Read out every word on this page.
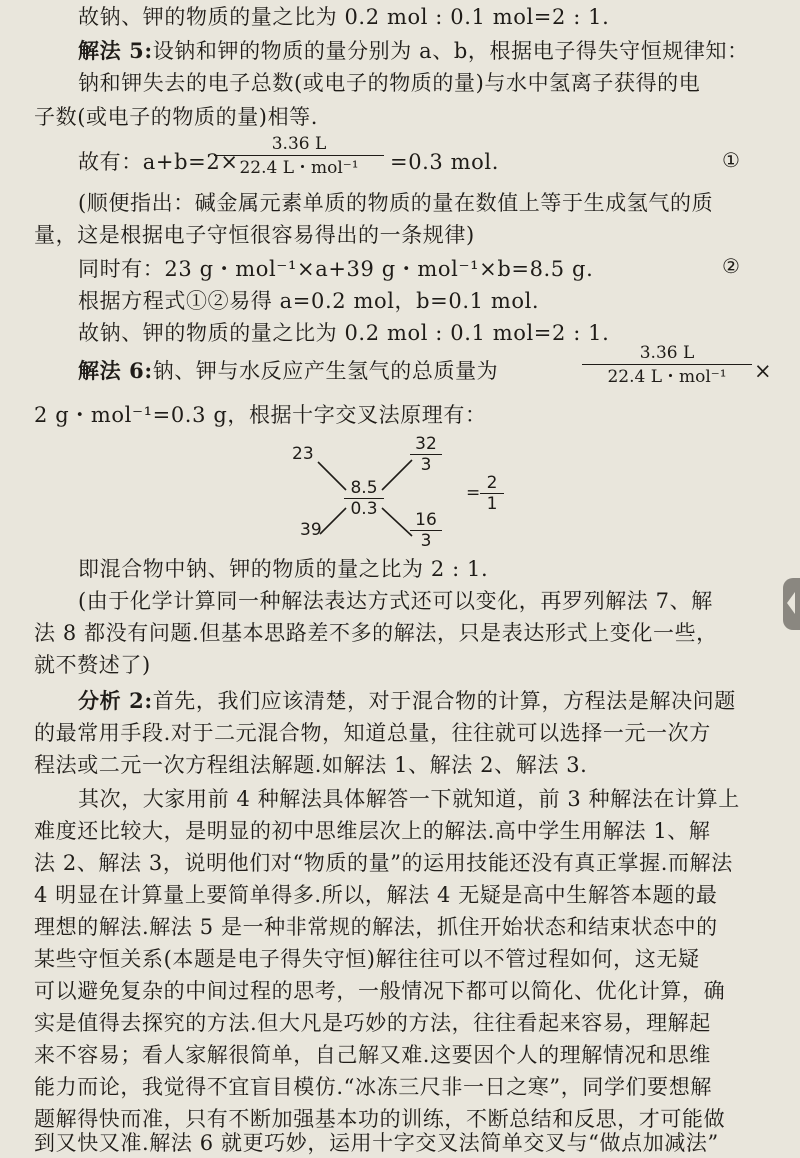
故钠、钾的物质的量之比为 0.2 mol : 0.1 mol=2 : 1.
解法 5:设钠和钾的物质的量分别为 a、b，根据电子得失守恒规律知：
钠和钾失去的电子总数(或电子的物质的量)与水中氢离子获得的电
子数(或电子的物质的量)相等.
故有：a+b=2×
3.36 L
22.4 L・mol⁻¹	=0.3 mol.	①
(顺便指出：碱金属元素单质的物质的量在数值上等于生成氢气的质
量，这是根据电子守恒很容易得出的一条规律)
同时有：23 g・mol⁻¹×a+39 g・mol⁻¹×b=8.5 g.	②
根据方程式①②易得 a=0.2 mol，b=0.1 mol.
故钠、钾的物质的量之比为 0.2 mol : 0.1 mol=2 : 1.
解法 6:钠、钾与水反应产生氢气的总质量为
3.36 L
22.4 L・mol⁻¹	×
2 g・mol⁻¹=0.3 g，根据十字交叉法原理有：
23
39
$\frac{8.5}{0.3}$
$\frac{32}{3}$
$\frac{16}{3}$
= $\frac{2}{1}$
即混合物中钠、钾的物质的量之比为 2 : 1.
(由于化学计算同一种解法表达方式还可以变化，再罗列解法 7、解
法 8 都没有问题.但基本思路差不多的解法，只是表达形式上变化一些，
就不赘述了)
分析 2:首先，我们应该清楚，对于混合物的计算，方程法是解决问题
的最常用手段.对于二元混合物，知道总量，往往就可以选择一元一次方
程法或二元一次方程组法解题.如解法 1、解法 2、解法 3.
其次，大家用前 4 种解法具体解答一下就知道，前 3 种解法在计算上
难度还比较大，是明显的初中思维层次上的解法.高中学生用解法 1、解
法 2、解法 3，说明他们对“物质的量”的运用技能还没有真正掌握.而解法
4 明显在计算量上要简单得多.所以，解法 4 无疑是高中生解答本题的最
理想的解法.解法 5 是一种非常规的解法，抓住开始状态和结束状态中的
某些守恒关系(本题是电子得失守恒)解往往可以不管过程如何，这无疑
可以避免复杂的中间过程的思考，一般情况下都可以简化、优化计算，确
实是值得去探究的方法.但大凡是巧妙的方法，往往看起来容易，理解起
来不容易；看人家解很简单，自己解又难.这要因个人的理解情况和思维
能力而论，我觉得不宜盲目模仿.“冰冻三尺非一日之寒”，同学们要想解
题解得快而准，只有不断加强基本功的训练，不断总结和反思，才可能做
到又快又准.解法 6 就更巧妙，运用十字交叉法简单交叉与“做点加减法”
